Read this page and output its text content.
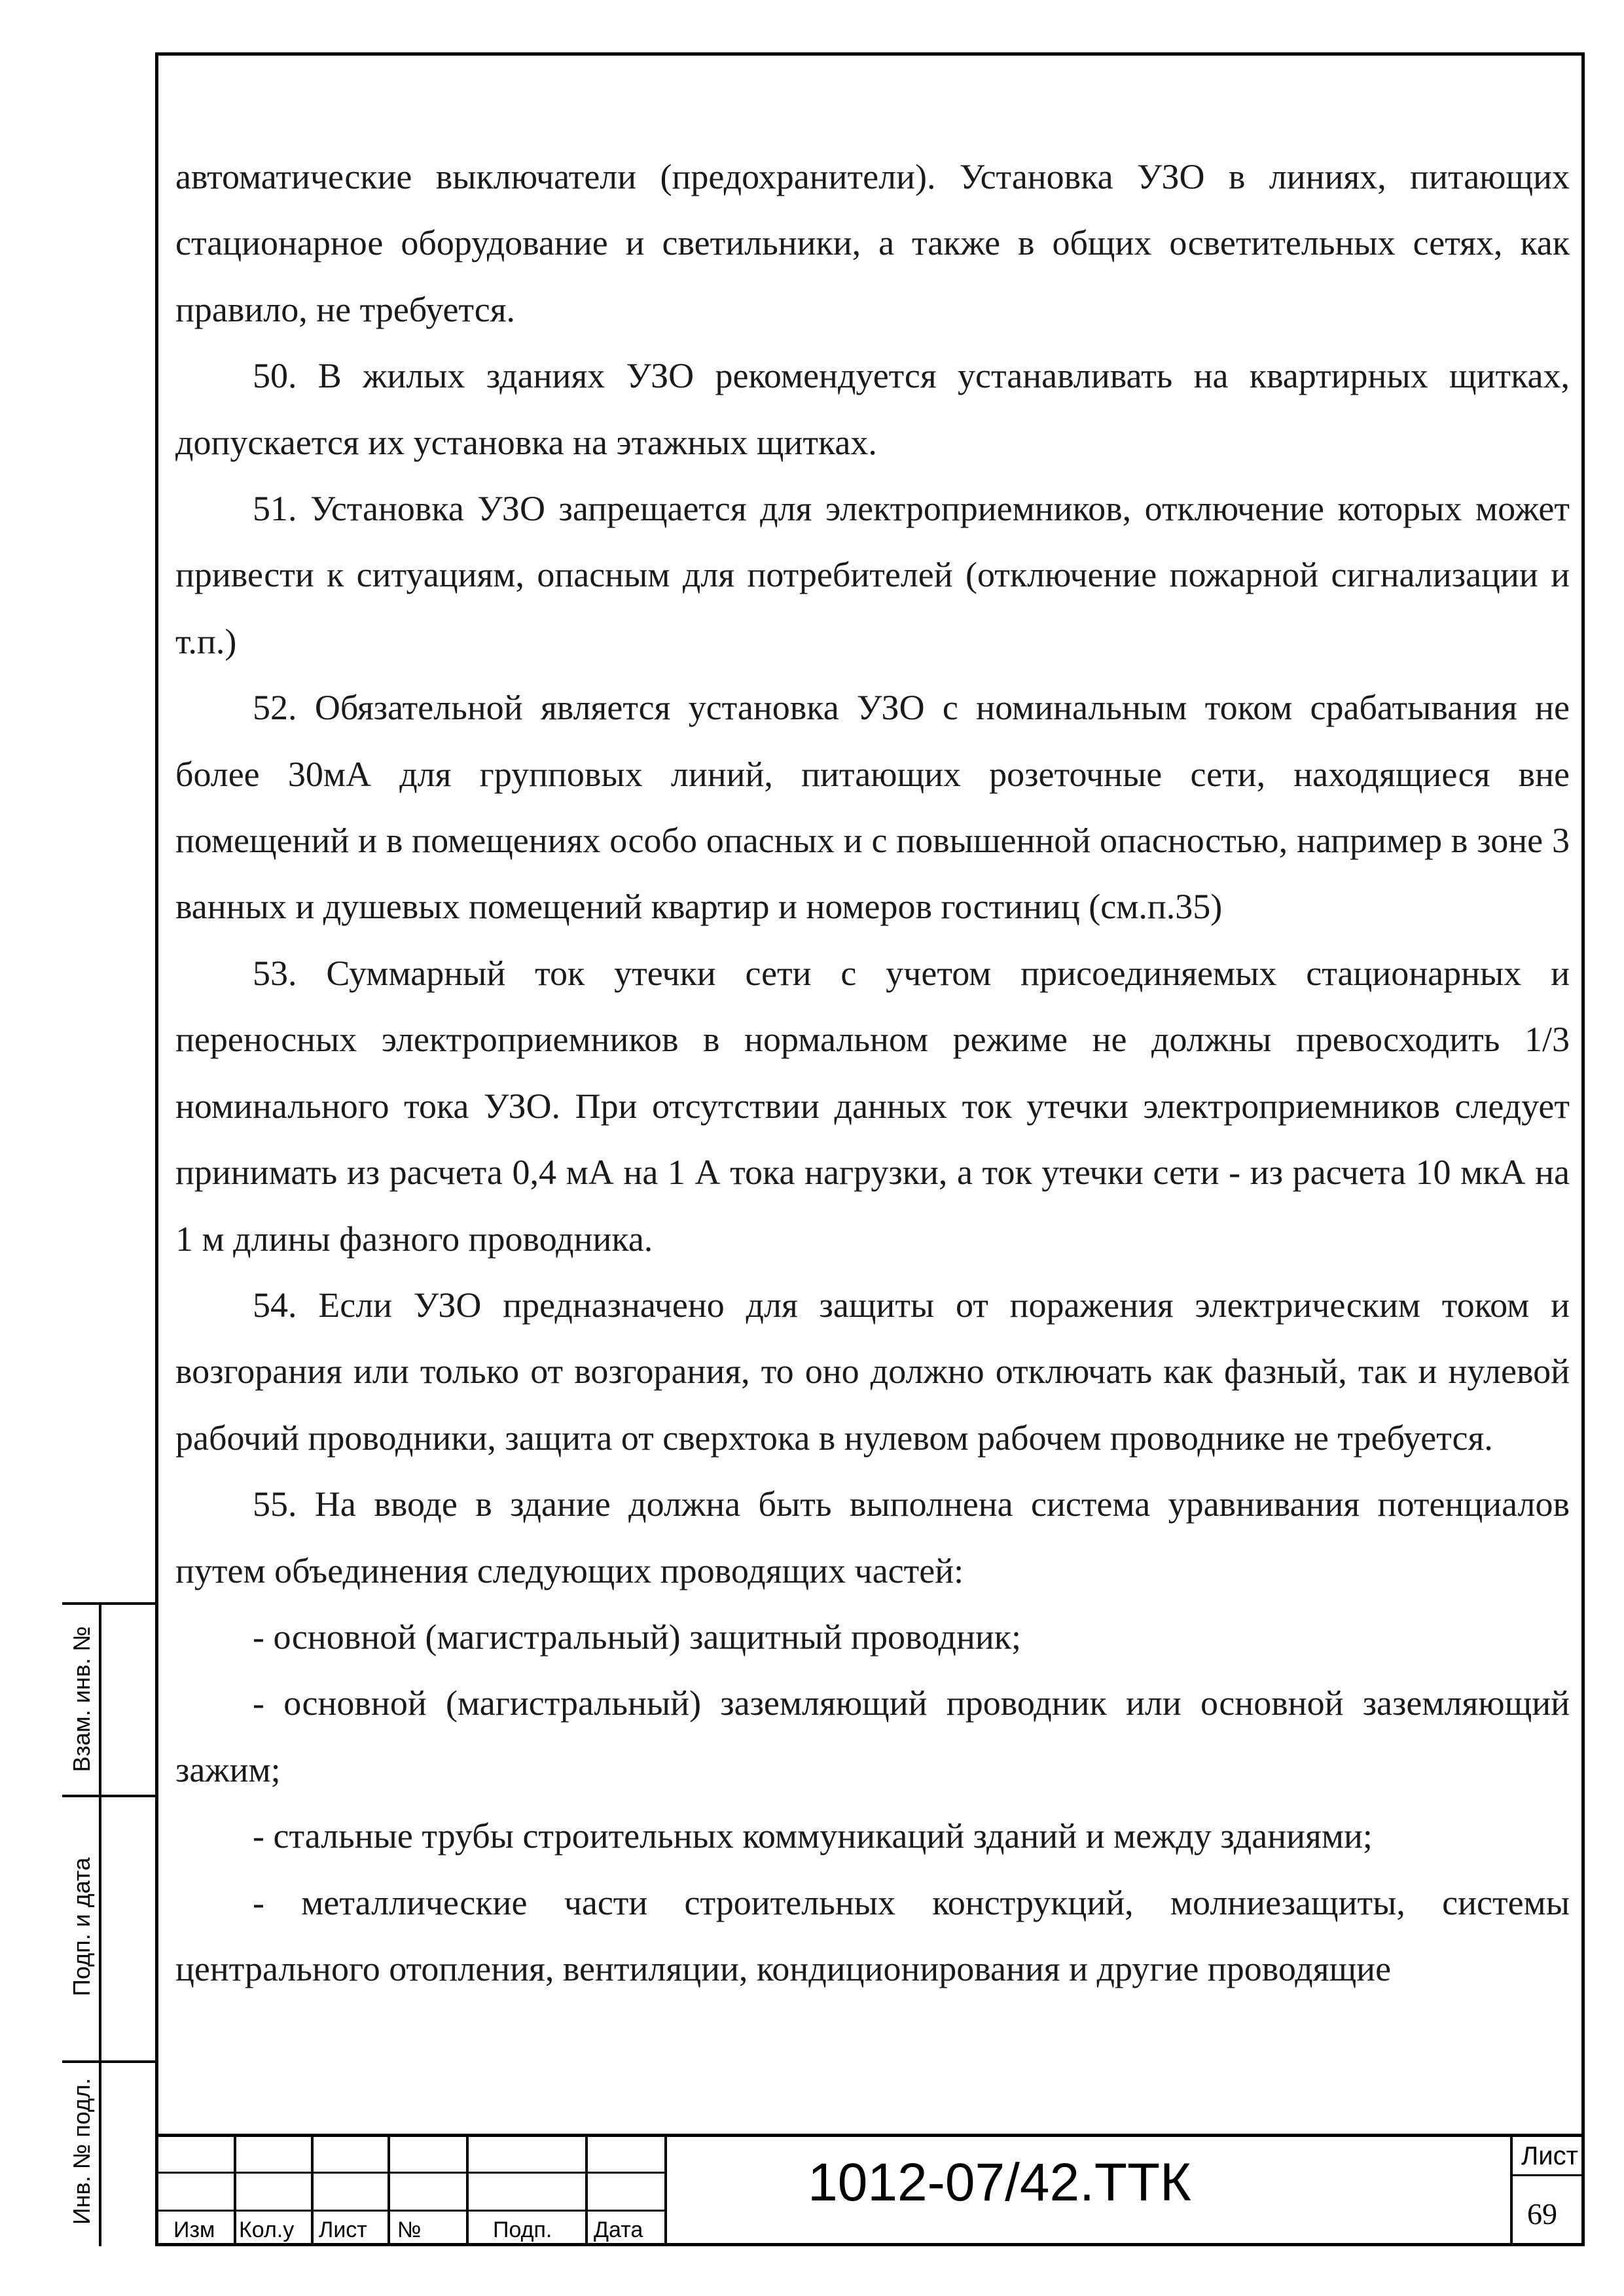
автоматические выключатели (предохранители). Установка УЗО в линиях, питающих стационарное оборудование и светильники, а также в общих осветительных сетях, как правило, не требуется.

50. В жилых зданиях УЗО рекомендуется устанавливать на квартирных щитках, допускается их установка на этажных щитках.

51. Установка УЗО запрещается для электроприемников, отключение которых может привести к ситуациям, опасным для потребителей (отключение пожарной сигнализации и т.п.)

52. Обязательной является установка УЗО с номинальным током срабатывания не более 30мА для групповых линий, питающих розеточные сети, находящиеся вне помещений и в помещениях особо опасных и с повышенной опасностью, например в зоне 3 ванных и душевых помещений квартир и номеров гостиниц (см.п.35)

53. Суммарный ток утечки сети с учетом присоединяемых стационарных и переносных электроприемников в нормальном режиме не должны превосходить 1/3 номинального тока УЗО. При отсутствии данных ток утечки электроприемников следует принимать из расчета 0,4 мА на 1 А тока нагрузки, а ток утечки сети - из расчета 10 мкА на 1 м длины фазного проводника.

54. Если УЗО предназначено для защиты от поражения электрическим током и возгорания или только от возгорания, то оно должно отключать как фазный, так и нулевой рабочий проводники, защита от сверхтока в нулевом рабочем проводнике не требуется.

55. На вводе в здание должна быть выполнена система уравнивания потенциалов путем объединения следующих проводящих частей:

- основной (магистральный) защитный проводник;

- основной (магистральный) заземляющий проводник или основной заземляющий зажим;

- стальные трубы строительных коммуникаций зданий и между зданиями;

- металлические части строительных конструкций, молниезащиты, системы центрального отопления, вентиляции, кондиционирования и другие проводящие

Взам. инв. №
Подп. и дата
Инв. № подл.
Изм Кол.у Лист №	Подп. Дата
1012-07/42.ТТК	Лист
69
